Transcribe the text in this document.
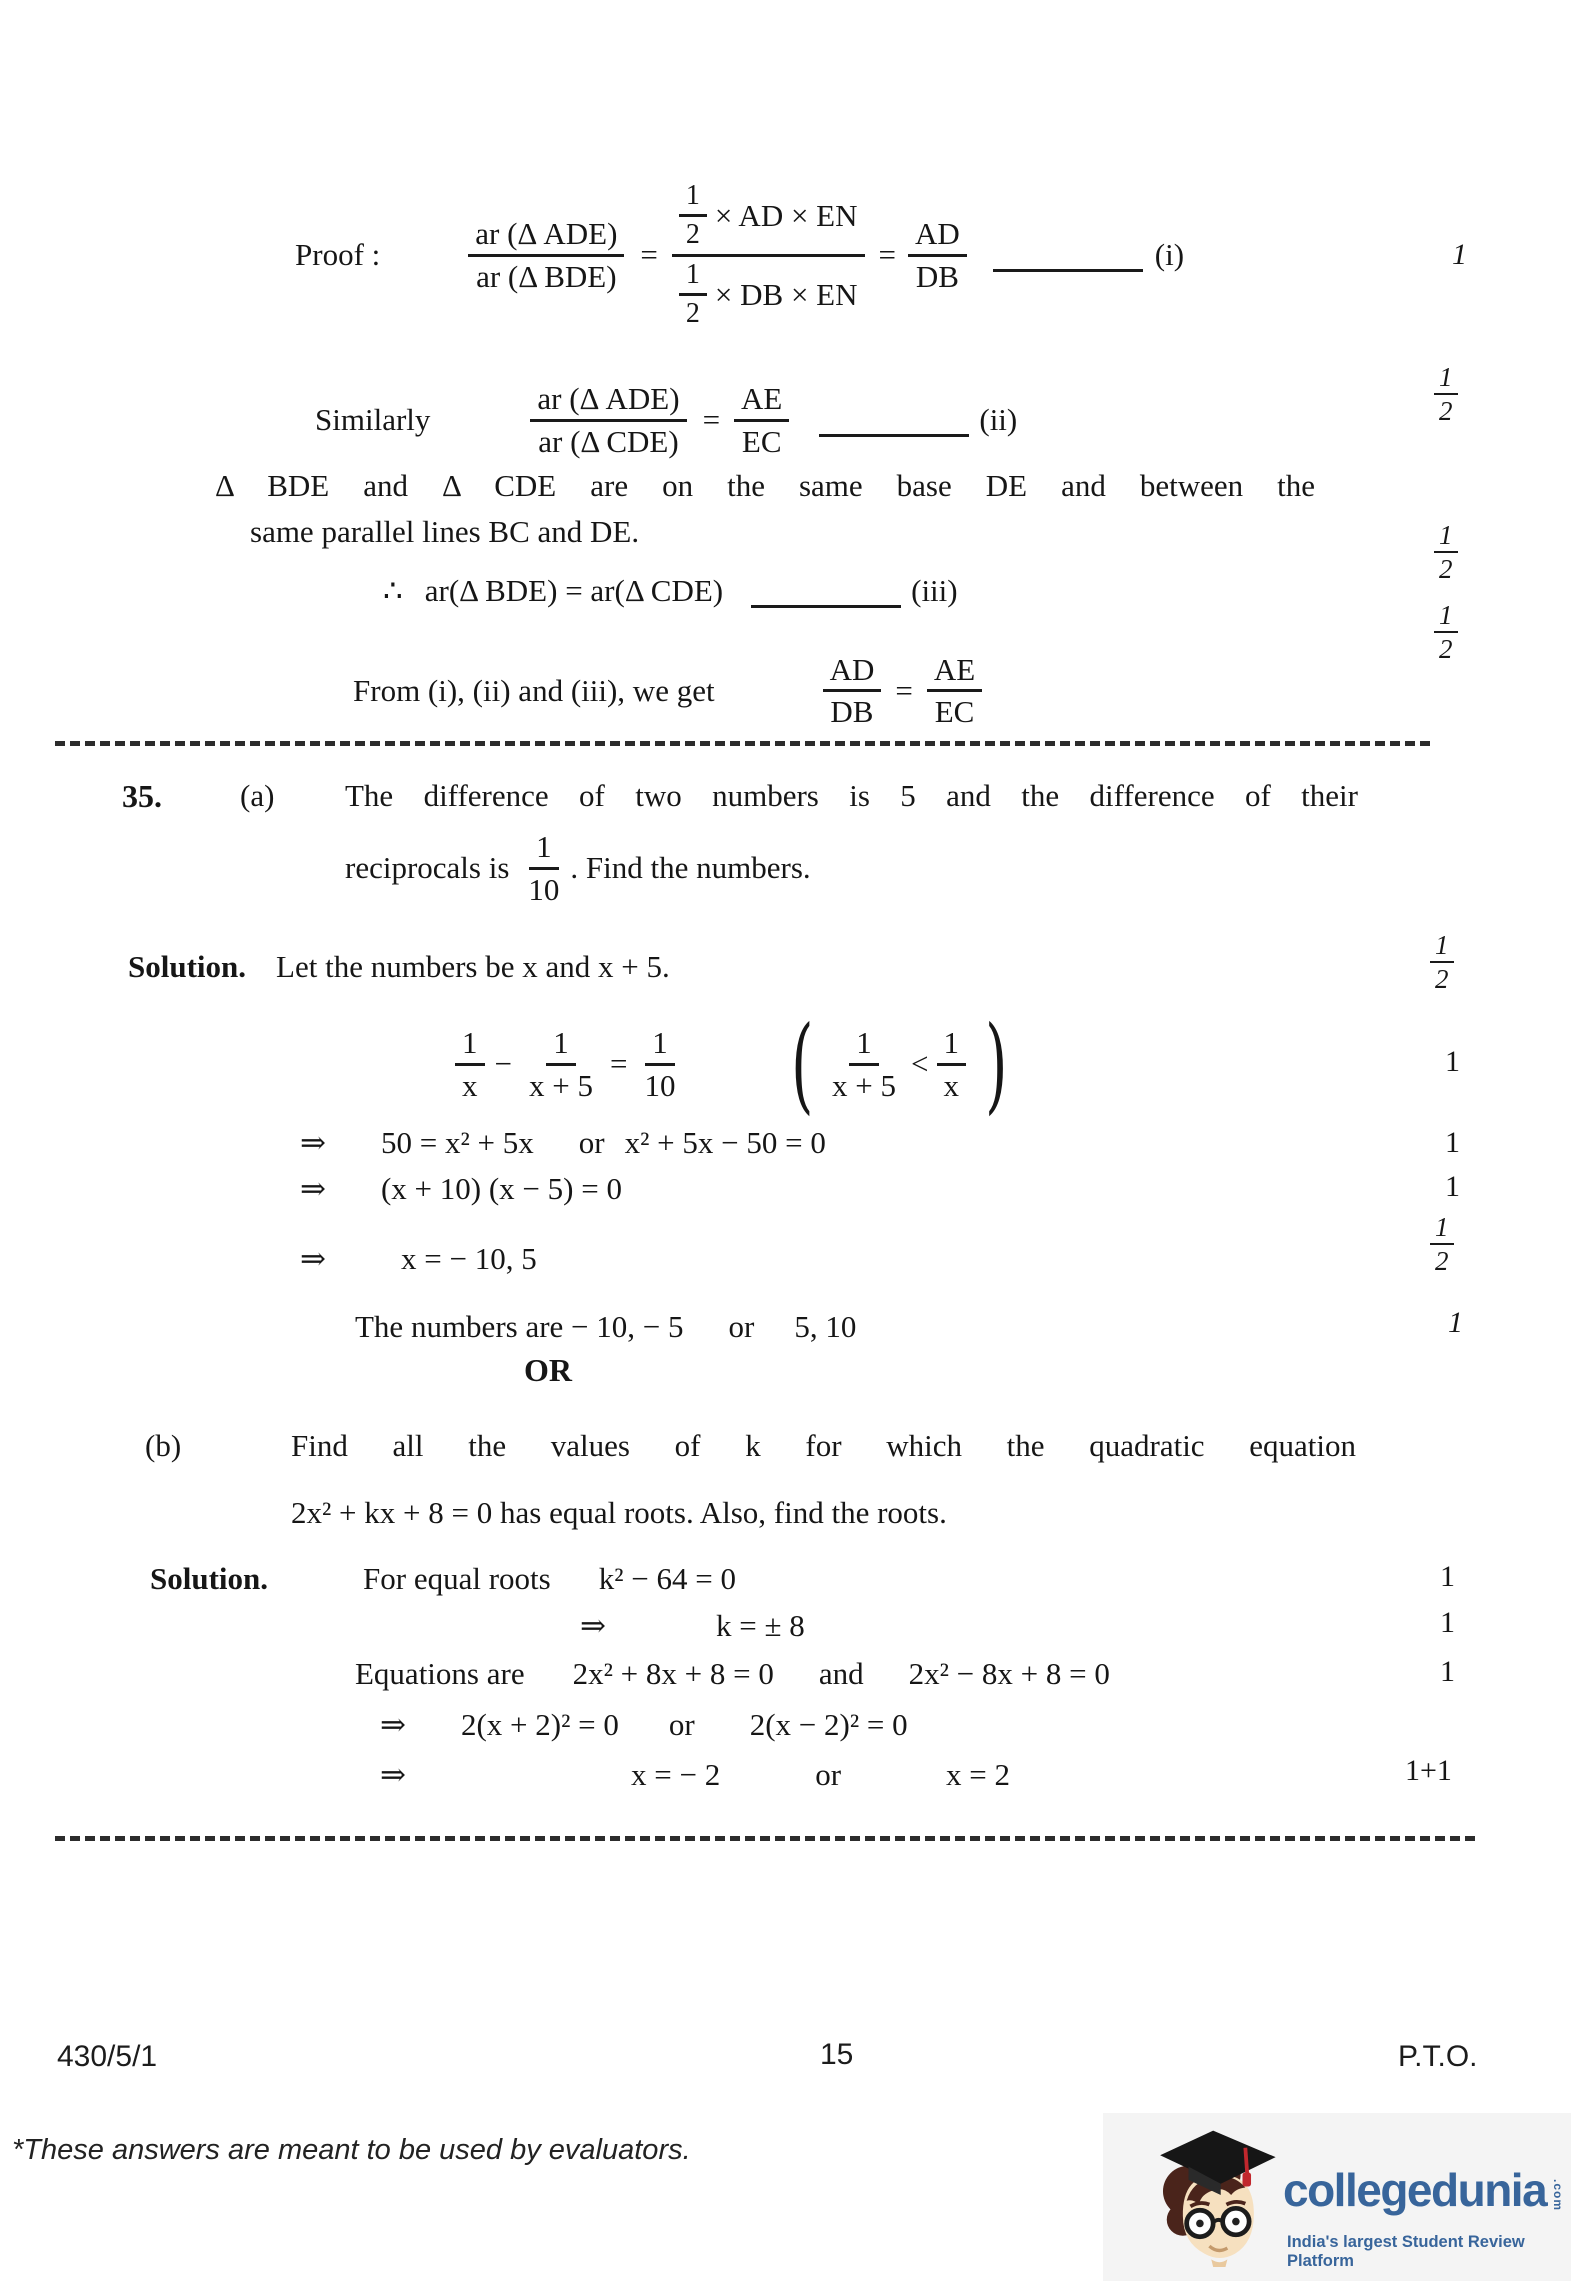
Proof :	$\frac{\text{ar (Δ ADE)}}{\text{ar (Δ BDE)}} = \frac{\frac{1}{2} \times AD \times EN}{\frac{1}{2} \times DB \times EN} = \frac{AD}{DB}$	(i)	1
Similarly	$\frac{\text{ar (Δ ADE)}}{\text{ar (Δ CDE)}} = \frac{AE}{EC}$	(ii)
1
2
Δ BDE and Δ CDE are on the same base DE and between the
same parallel lines BC and DE.
∴ ar(Δ BDE) = ar(Δ CDE)	(iii)
1
2
From (i), (ii) and (iii), we get	$\frac{AD}{DB} = \frac{AE}{EC}$
1
2
35.	(a) The difference of two numbers is 5 and the difference of their
reciprocals is $\frac{1}{10}$ . Find the numbers.
Solution. Let the numbers be x and x + 5.
1
2
$\frac{1}{x} - \frac{1}{x + 5} = \frac{1}{10}$ ( $\frac{1}{x + 5} < \frac{1}{x}$ )	1
⇒ 50 = x² + 5x or x² + 5x − 50 = 0	1
⇒ (x + 10) (x − 5) = 0	1
⇒ x = − 10, 5
1
2
The numbers are − 10, − 5 or 5, 10	1
OR
(b)	Find all the values of k for which the quadratic equation
2x² + kx + 8 = 0 has equal roots. Also, find the roots.
Solution.	For equal roots k² − 64 = 0	1
⇒	k = ± 8	1
Equations are 2x² + 8x + 8 = 0 and 2x² − 8x + 8 = 0	1
⇒ 2(x + 2)² = 0 or 2(x − 2)² = 0
⇒	x = − 2	or	x = 2	1+1
430/5/1	15	P.T.O.
*These answers are meant to be used by evaluators.
collegedunia .com
India's largest Student Review Platform
